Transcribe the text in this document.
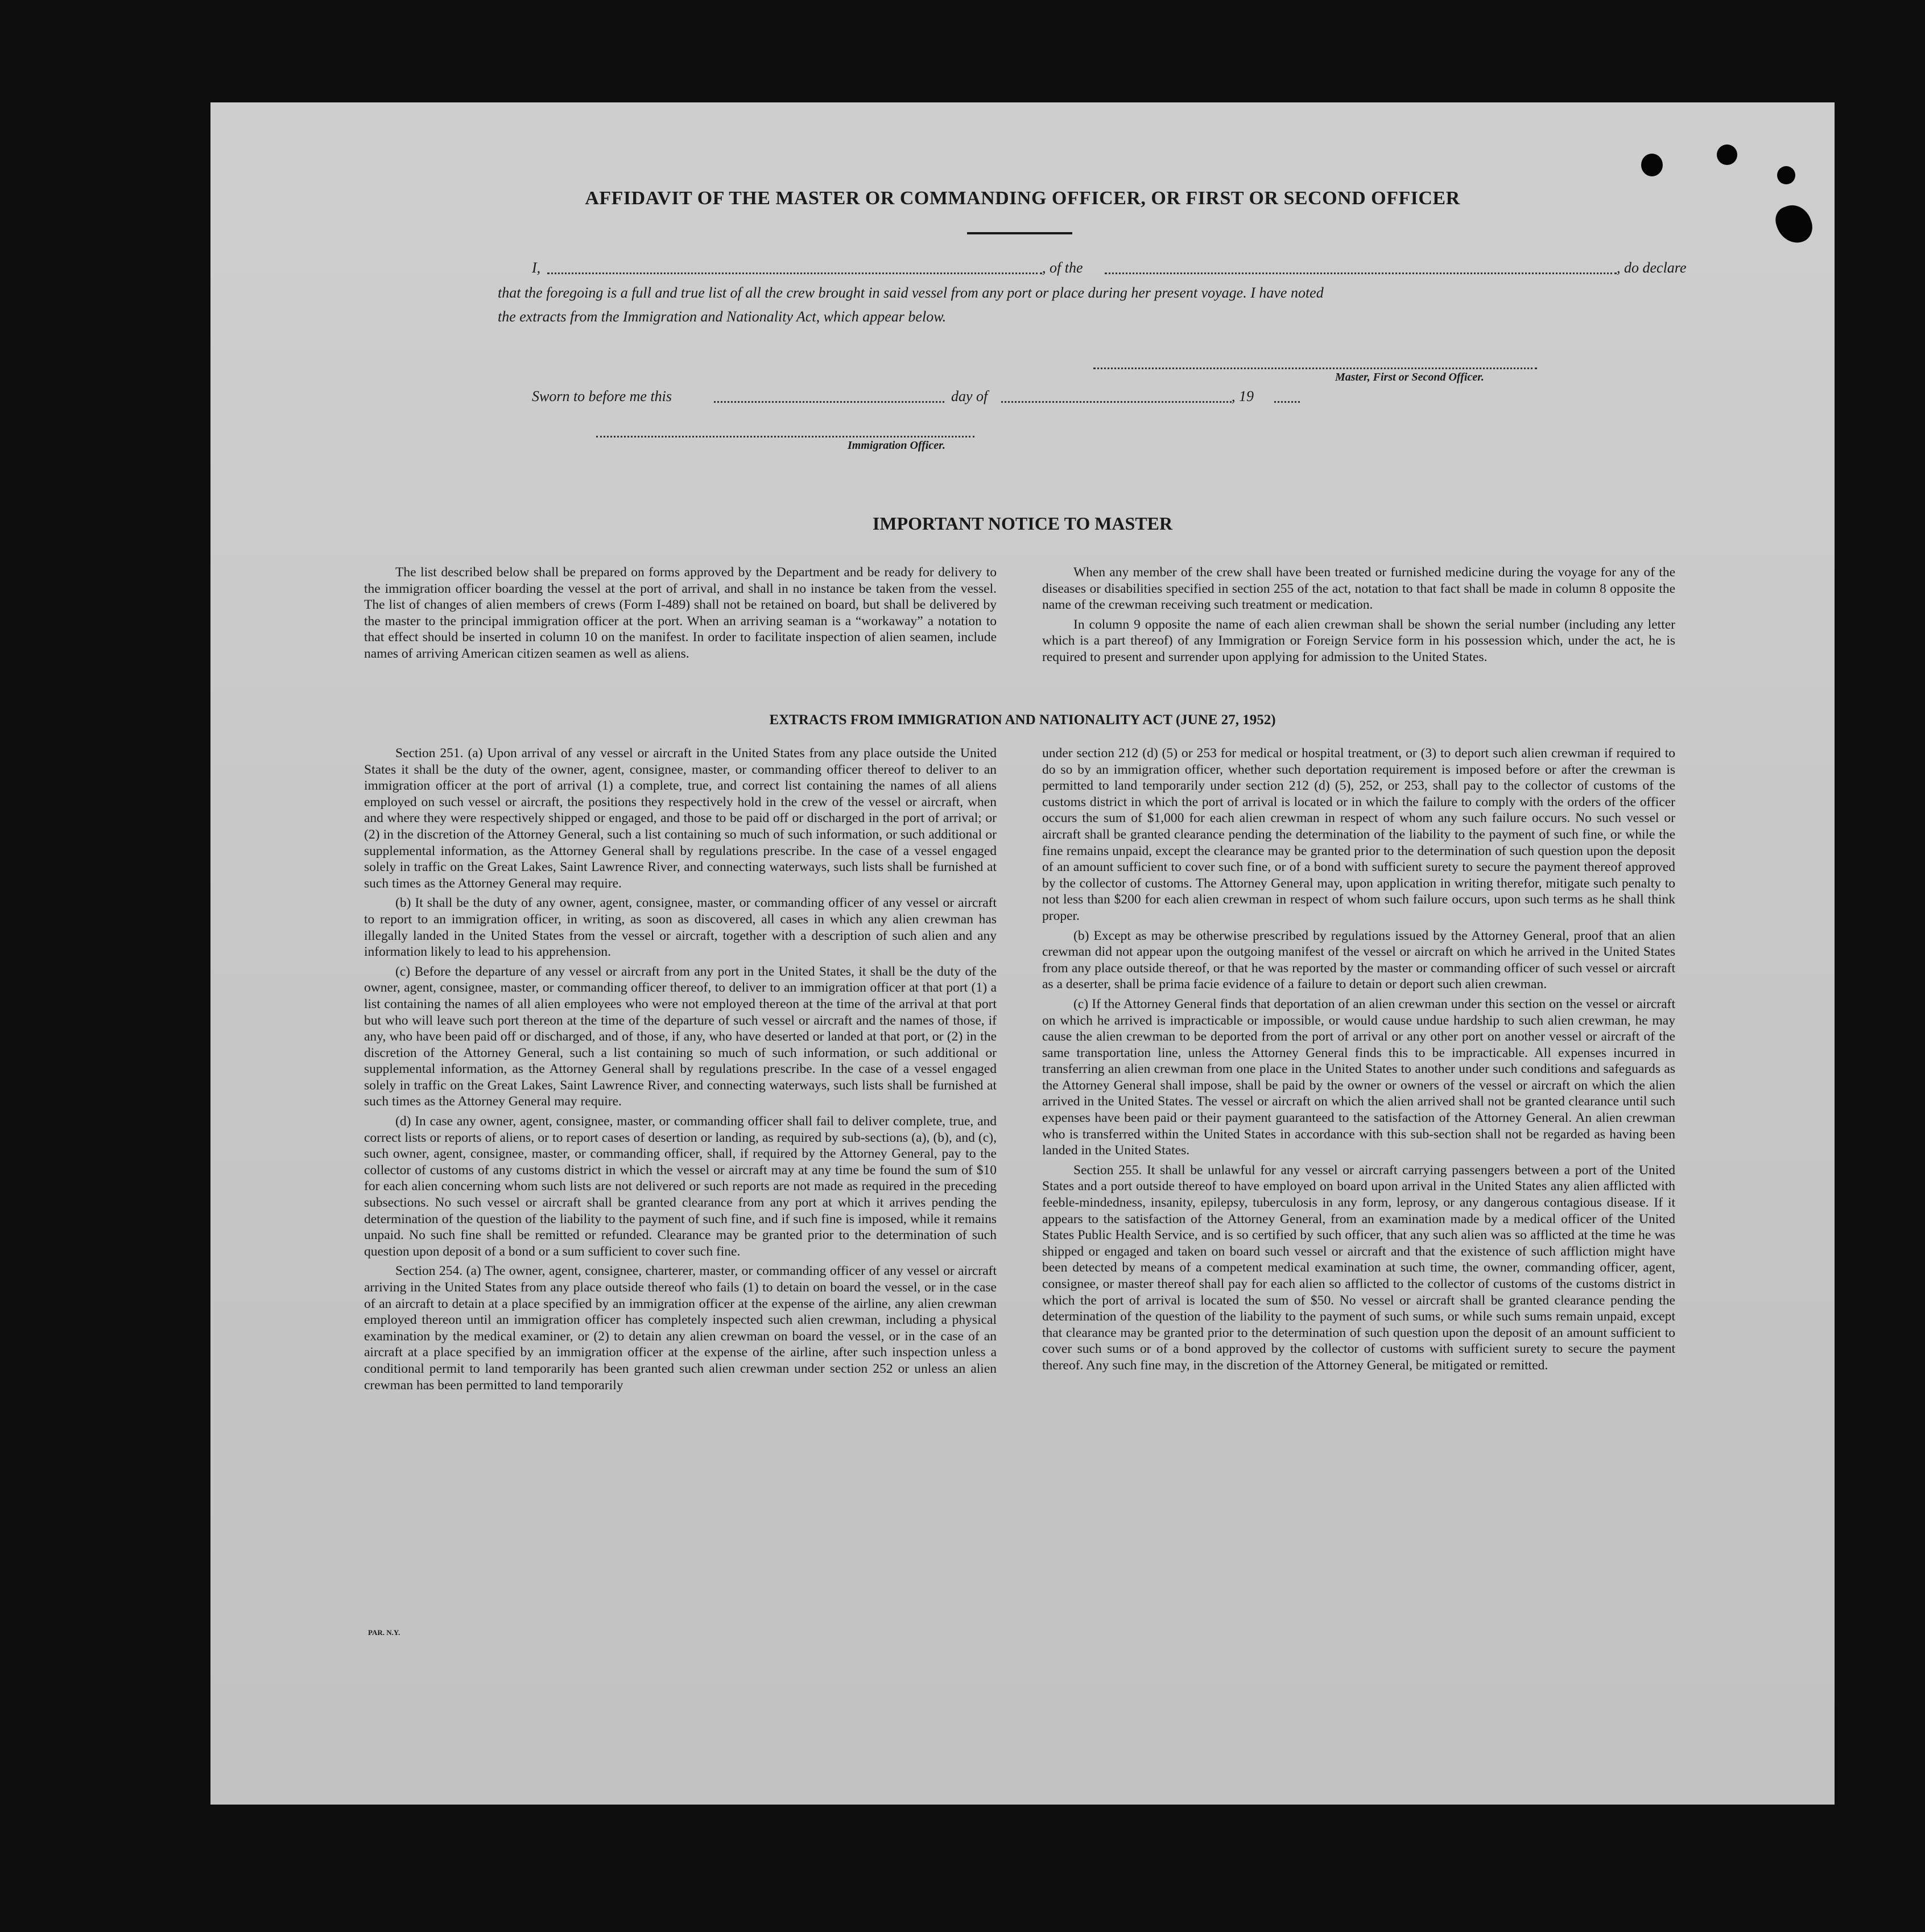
AFFIDAVIT OF THE MASTER OR COMMANDING OFFICER, OR FIRST OR SECOND OFFICER
I,	, of the	, do declare
that the foregoing is a full and true list of all the crew brought in said vessel from any port or place during her present voyage. I have noted
the extracts from the Immigration and Nationality Act, which appear below.
Master, First or Second Officer.
Sworn to before me this	day of	, 19
Immigration Officer.
IMPORTANT NOTICE TO MASTER

The list described below shall be prepared on forms approved by the Department and be ready for delivery to the immigration officer boarding the vessel at the port of arrival, and shall in no instance be taken from the vessel. The list of changes of alien members of crews (Form I-489) shall not be retained on board, but shall be delivered by the master to the principal immigration officer at the port. When an arriving seaman is a “workaway” a notation to that effect should be inserted in column 10 on the manifest. In order to facilitate inspection of alien seamen, include names of arriving American citizen seamen as well as aliens.

When any member of the crew shall have been treated or furnished medicine during the voyage for any of the diseases or disabilities specified in section 255 of the act, notation to that fact shall be made in column 8 opposite the name of the crewman receiving such treatment or medication.

In column 9 opposite the name of each alien crewman shall be shown the serial number (including any letter which is a part thereof) of any Immigration or Foreign Service form in his possession which, under the act, he is required to present and surrender upon applying for admission to the United States.

EXTRACTS FROM IMMIGRATION AND NATIONALITY ACT (JUNE 27, 1952)

Section 251. (a) Upon arrival of any vessel or aircraft in the United States from any place outside the United States it shall be the duty of the owner, agent, consignee, master, or commanding officer thereof to deliver to an immigration officer at the port of arrival (1) a complete, true, and correct list containing the names of all aliens employed on such vessel or aircraft, the positions they respectively hold in the crew of the vessel or aircraft, when and where they were respectively shipped or engaged, and those to be paid off or discharged in the port of arrival; or (2) in the discretion of the Attorney General, such a list containing so much of such information, or such additional or supplemental information, as the Attorney General shall by regulations prescribe. In the case of a vessel engaged solely in traffic on the Great Lakes, Saint Lawrence River, and connecting waterways, such lists shall be furnished at such times as the Attorney General may require.

(b) It shall be the duty of any owner, agent, consignee, master, or commanding officer of any vessel or aircraft to report to an immigration officer, in writing, as soon as discovered, all cases in which any alien crewman has illegally landed in the United States from the vessel or aircraft, together with a description of such alien and any information likely to lead to his apprehension.

(c) Before the departure of any vessel or aircraft from any port in the United States, it shall be the duty of the owner, agent, consignee, master, or commanding officer thereof, to deliver to an immigration officer at that port (1) a list containing the names of all alien employees who were not employed thereon at the time of the arrival at that port but who will leave such port thereon at the time of the departure of such vessel or aircraft and the names of those, if any, who have been paid off or discharged, and of those, if any, who have deserted or landed at that port, or (2) in the discretion of the Attorney General, such a list containing so much of such information, or such additional or supplemental information, as the Attorney General shall by regulations prescribe. In the case of a vessel engaged solely in traffic on the Great Lakes, Saint Lawrence River, and connecting waterways, such lists shall be furnished at such times as the Attorney General may require.

(d) In case any owner, agent, consignee, master, or commanding officer shall fail to deliver complete, true, and correct lists or reports of aliens, or to report cases of desertion or landing, as required by sub-sections (a), (b), and (c), such owner, agent, consignee, master, or commanding officer, shall, if required by the Attorney General, pay to the collector of customs of any customs district in which the vessel or aircraft may at any time be found the sum of $10 for each alien concerning whom such lists are not delivered or such reports are not made as required in the preceding subsections. No such vessel or aircraft shall be granted clearance from any port at which it arrives pending the determination of the question of the liability to the payment of such fine, and if such fine is imposed, while it remains unpaid. No such fine shall be remitted or refunded. Clearance may be granted prior to the determination of such question upon deposit of a bond or a sum sufficient to cover such fine.

Section 254. (a) The owner, agent, consignee, charterer, master, or commanding officer of any vessel or aircraft arriving in the United States from any place outside thereof who fails (1) to detain on board the vessel, or in the case of an aircraft to detain at a place specified by an immigration officer at the expense of the airline, any alien crewman employed thereon until an immigration officer has completely inspected such alien crewman, including a physical examination by the medical examiner, or (2) to detain any alien crewman on board the vessel, or in the case of an aircraft at a place specified by an immigration officer at the expense of the airline, after such inspection unless a conditional permit to land temporarily has been granted such alien crewman under section 252 or unless an alien crewman has been permitted to land temporarily

under section 212 (d) (5) or 253 for medical or hospital treatment, or (3) to deport such alien crewman if required to do so by an immigration officer, whether such deportation requirement is imposed before or after the crewman is permitted to land temporarily under section 212 (d) (5), 252, or 253, shall pay to the collector of customs of the customs district in which the port of arrival is located or in which the failure to comply with the orders of the officer occurs the sum of $1,000 for each alien crewman in respect of whom any such failure occurs. No such vessel or aircraft shall be granted clearance pending the determination of the liability to the payment of such fine, or while the fine remains unpaid, except the clearance may be granted prior to the determination of such question upon the deposit of an amount sufficient to cover such fine, or of a bond with sufficient surety to secure the payment thereof approved by the collector of customs. The Attorney General may, upon application in writing therefor, mitigate such penalty to not less than $200 for each alien crewman in respect of whom such failure occurs, upon such terms as he shall think proper.

(b) Except as may be otherwise prescribed by regulations issued by the Attorney General, proof that an alien crewman did not appear upon the outgoing manifest of the vessel or aircraft on which he arrived in the United States from any place outside thereof, or that he was reported by the master or commanding officer of such vessel or aircraft as a deserter, shall be prima facie evidence of a failure to detain or deport such alien crewman.

(c) If the Attorney General finds that deportation of an alien crewman under this section on the vessel or aircraft on which he arrived is impracticable or impossible, or would cause undue hardship to such alien crewman, he may cause the alien crewman to be deported from the port of arrival or any other port on another vessel or aircraft of the same transportation line, unless the Attorney General finds this to be impracticable. All expenses incurred in transferring an alien crewman from one place in the United States to another under such conditions and safeguards as the Attorney General shall impose, shall be paid by the owner or owners of the vessel or aircraft on which the alien arrived in the United States. The vessel or aircraft on which the alien arrived shall not be granted clearance until such expenses have been paid or their payment guaranteed to the satisfaction of the Attorney General. An alien crewman who is transferred within the United States in accordance with this sub-section shall not be regarded as having been landed in the United States.

Section 255. It shall be unlawful for any vessel or aircraft carrying passengers between a port of the United States and a port outside thereof to have employed on board upon arrival in the United States any alien afflicted with feeble-mindedness, insanity, epilepsy, tuberculosis in any form, leprosy, or any dangerous contagious disease. If it appears to the satisfaction of the Attorney General, from an examination made by a medical officer of the United States Public Health Service, and is so certified by such officer, that any such alien was so afflicted at the time he was shipped or engaged and taken on board such vessel or aircraft and that the existence of such affliction might have been detected by means of a competent medical examination at such time, the owner, commanding officer, agent, consignee, or master thereof shall pay for each alien so afflicted to the collector of customs of the customs district in which the port of arrival is located the sum of $50. No vessel or aircraft shall be granted clearance pending the determination of the question of the liability to the payment of such sums, or while such sums remain unpaid, except that clearance may be granted prior to the determination of such question upon the deposit of an amount sufficient to cover such sums or of a bond approved by the collector of customs with sufficient surety to secure the payment thereof. Any such fine may, in the discretion of the Attorney General, be mitigated or remitted.

PAR. N.Y.
